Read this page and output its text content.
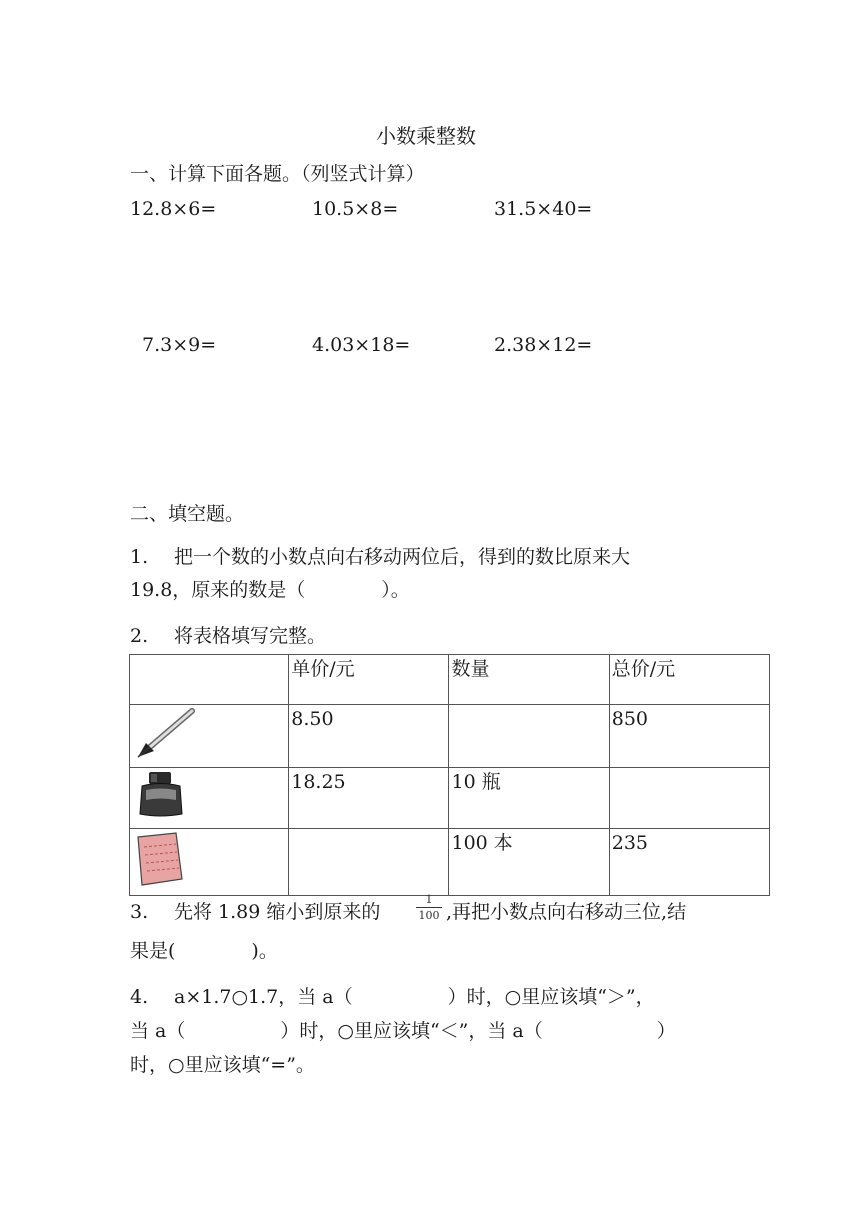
小数乘整数
一、计算下面各题。（列竖式计算）
12.8×6=	10.5×8=	31.5×40=
7.3×9=	4.03×18=	2.38×12=
二、填空题。
1. 把一个数的小数点向右移动两位后，得到的数比原来大
19.8，原来的数是（　　　　）。
2. 将表格填写完整。
	单价/元	数量	总价/元
	8.50		850
	18.25	10 瓶	
		100 本	235
3. 先将 1.89 缩小到原来的
1
100 ,再把小数点向右移动三位,结
果是(　　　　)。
4. a×1.7○1.7，当 a（　　　　　）时，○里应该填“＞”，
当 a（　　　　　）时，○里应该填“＜”，当 a（　　　　　　）
时，○里应该填“=”。
